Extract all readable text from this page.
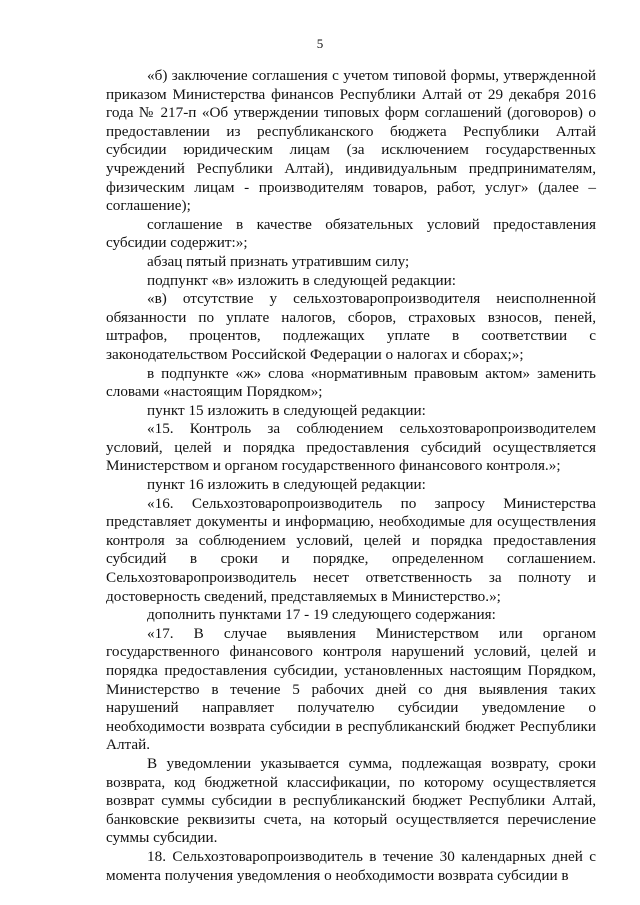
5

«б) заключение соглашения с учетом типовой формы, утвержденной приказом Министерства финансов Республики Алтай от 29 декабря 2016 года № 217-п «Об утверждении типовых форм соглашений (договоров) о предоставлении из республиканского бюджета Республики Алтай субсидии юридическим лицам (за исключением государственных учреждений Республики Алтай), индивидуальным предпринимателям, физическим лицам - производителям товаров, работ, услуг» (далее – соглашение);

соглашение в качестве обязательных условий предоставления субсидии содержит:»;

абзац пятый признать утратившим силу;

подпункт «в» изложить в следующей редакции:

«в) отсутствие у сельхозтоваропроизводителя неисполненной обязанности по уплате налогов, сборов, страховых взносов, пеней, штрафов, процентов, подлежащих уплате в соответствии с законодательством Российской Федерации о налогах и сборах;»;

в подпункте «ж» слова «нормативным правовым актом» заменить словами «настоящим Порядком»;

пункт 15 изложить в следующей редакции:

«15. Контроль за соблюдением сельхозтоваропроизводителем условий, целей и порядка предоставления субсидий осуществляется Министерством и органом государственного финансового контроля.»;

пункт 16 изложить в следующей редакции:

«16. Сельхозтоваропроизводитель по запросу Министерства представляет документы и информацию, необходимые для осуществления контроля за соблюдением условий, целей и порядка предоставления субсидий в сроки и порядке, определенном соглашением. Сельхозтоваропроизводитель несет ответственность за полноту и достоверность сведений, представляемых в Министерство.»;

дополнить пунктами 17 - 19 следующего содержания:

«17. В случае выявления Министерством или органом государственного финансового контроля нарушений условий, целей и порядка предоставления субсидии, установленных настоящим Порядком, Министерство в течение 5 рабочих дней со дня выявления таких нарушений направляет получателю субсидии уведомление о необходимости возврата субсидии в республиканский бюджет Республики Алтай.

В уведомлении указывается сумма, подлежащая возврату, сроки возврата, код бюджетной классификации, по которому осуществляется возврат суммы субсидии в республиканский бюджет Республики Алтай, банковские реквизиты счета, на который осуществляется перечисление суммы субсидии.

18. Сельхозтоваропроизводитель в течение 30 календарных дней с момента получения уведомления о необходимости возврата субсидии в
